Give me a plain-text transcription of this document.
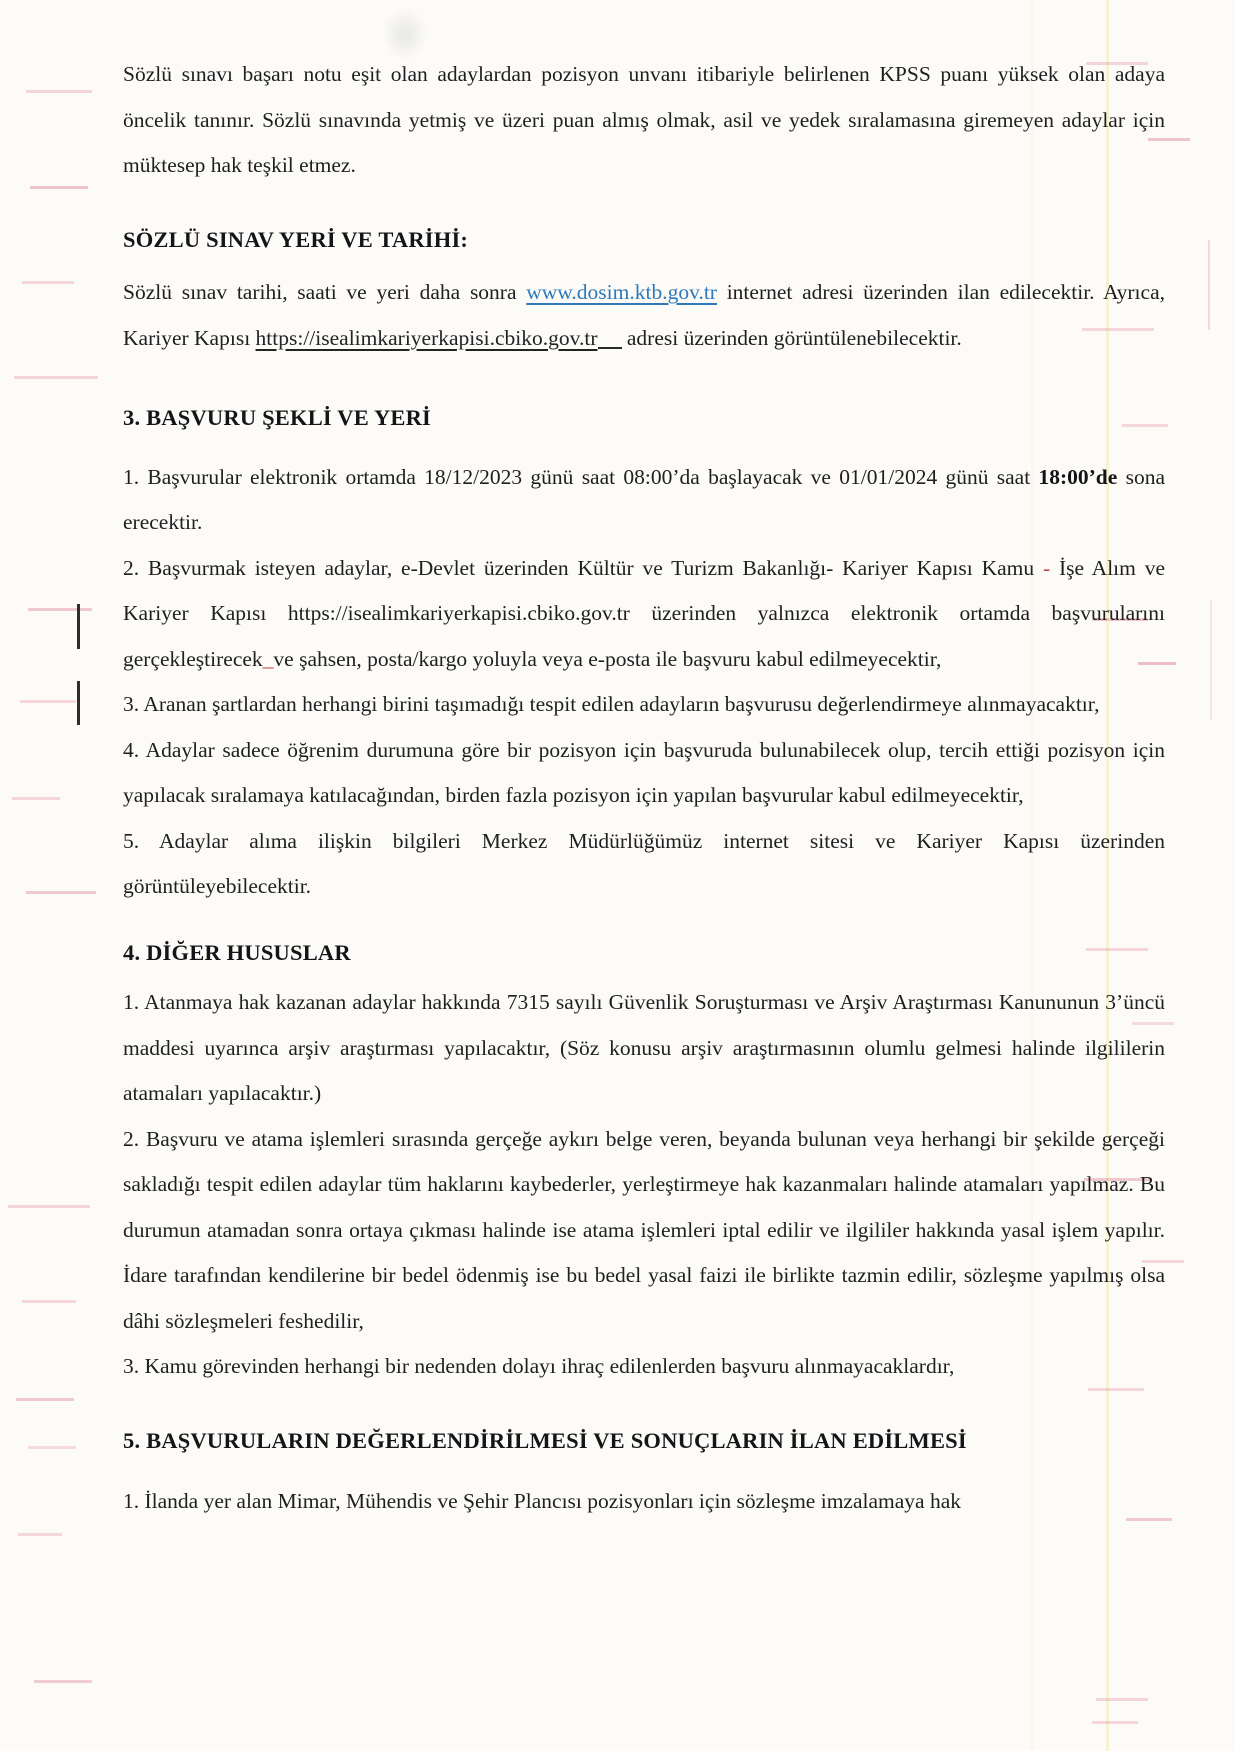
Sözlü sınavı başarı notu eşit olan adaylardan pozisyon unvanı itibariyle belirlenen KPSS puanı yüksek olan adaya öncelik tanınır. Sözlü sınavında yetmiş ve üzeri puan almış olmak, asil ve yedek sıralamasına giremeyen adaylar için müktesep hak teşkil etmez.

SÖZLÜ SINAV YERİ VE TARİHİ:

Sözlü sınav tarihi, saati ve yeri daha sonra www.dosim.ktb.gov.tr internet adresi üzerinden ilan edilecektir. Ayrıca, Kariyer Kapısı https://isealimkariyerkapisi.cbiko.gov.tr adresi üzerinden görüntülenebilecektir.

3. BAŞVURU ŞEKLİ VE YERİ

1. Başvurular elektronik ortamda 18/12/2023 günü saat 08:00’da başlayacak ve 01/01/2024 günü saat 18:00’de sona erecektir.

2. Başvurmak isteyen adaylar, e-Devlet üzerinden Kültür ve Turizm Bakanlığı- Kariyer Kapısı Kamu - İşe Alım ve Kariyer Kapısı https://isealimkariyerkapisi.cbiko.gov.tr üzerinden yalnızca elektronik ortamda başvurularını gerçekleştirecek_ve şahsen, posta/kargo yoluyla veya e-posta ile başvuru kabul edilmeyecektir,

3. Aranan şartlardan herhangi birini taşımadığı tespit edilen adayların başvurusu değerlendirmeye alınmayacaktır,

4. Adaylar sadece öğrenim durumuna göre bir pozisyon için başvuruda bulunabilecek olup, tercih ettiği pozisyon için yapılacak sıralamaya katılacağından, birden fazla pozisyon için yapılan başvurular kabul edilmeyecektir,

5. Adaylar alıma ilişkin bilgileri Merkez Müdürlüğümüz internet sitesi ve Kariyer Kapısı üzerinden görüntüleyebilecektir.

4. DİĞER HUSUSLAR

1. Atanmaya hak kazanan adaylar hakkında 7315 sayılı Güvenlik Soruşturması ve Arşiv Araştırması Kanununun 3’üncü maddesi uyarınca arşiv araştırması yapılacaktır, (Söz konusu arşiv araştırmasının olumlu gelmesi halinde ilgililerin atamaları yapılacaktır.)

2. Başvuru ve atama işlemleri sırasında gerçeğe aykırı belge veren, beyanda bulunan veya herhangi bir şekilde gerçeği sakladığı tespit edilen adaylar tüm haklarını kaybederler, yerleştirmeye hak kazanmaları halinde atamaları yapılmaz. Bu durumun atamadan sonra ortaya çıkması halinde ise atama işlemleri iptal edilir ve ilgililer hakkında yasal işlem yapılır. İdare tarafından kendilerine bir bedel ödenmiş ise bu bedel yasal faizi ile birlikte tazmin edilir, sözleşme yapılmış olsa dâhi sözleşmeleri feshedilir,

3. Kamu görevinden herhangi bir nedenden dolayı ihraç edilenlerden başvuru alınmayacaklardır,

5. BAŞVURULARIN DEĞERLENDİRİLMESİ VE SONUÇLARIN İLAN EDİLMESİ

1. İlanda yer alan Mimar, Mühendis ve Şehir Plancısı pozisyonları için sözleşme imzalamaya hak
